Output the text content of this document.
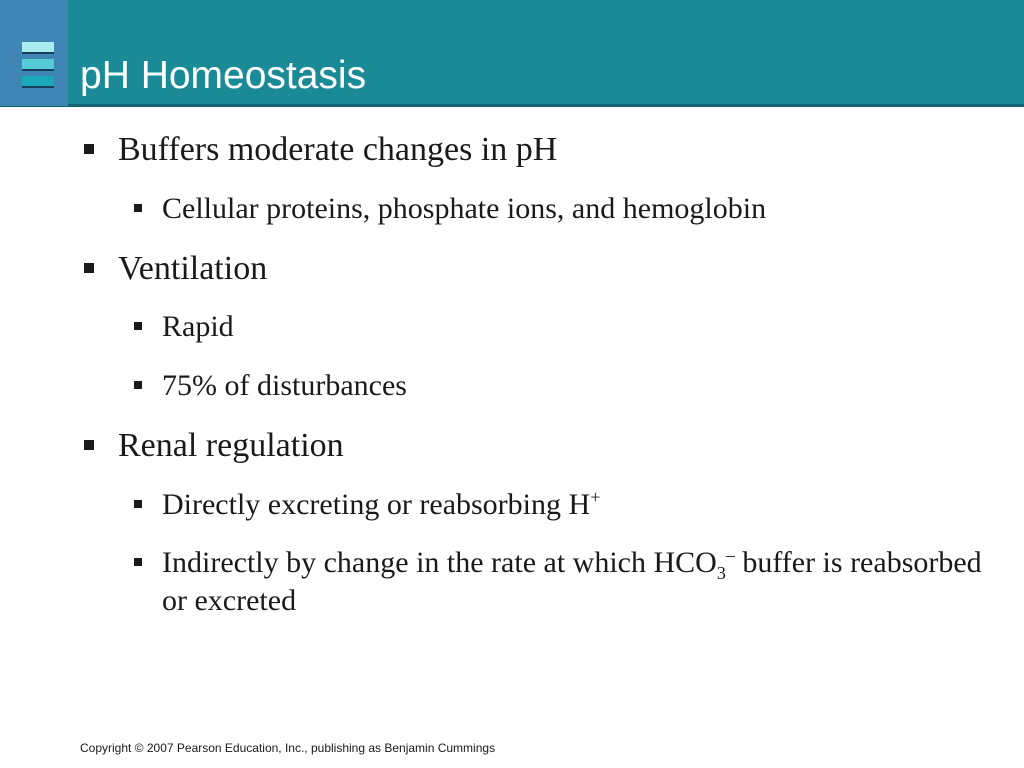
pH Homeostasis
Buffers moderate changes in pH
Cellular proteins, phosphate ions, and hemoglobin
Ventilation
Rapid
75% of disturbances
Renal regulation
Directly excreting or reabsorbing H+
Indirectly by change in the rate at which $HCO_3^-$ buffer is reabsorbed or excreted
Copyright © 2007 Pearson Education, Inc., publishing as Benjamin Cummings
